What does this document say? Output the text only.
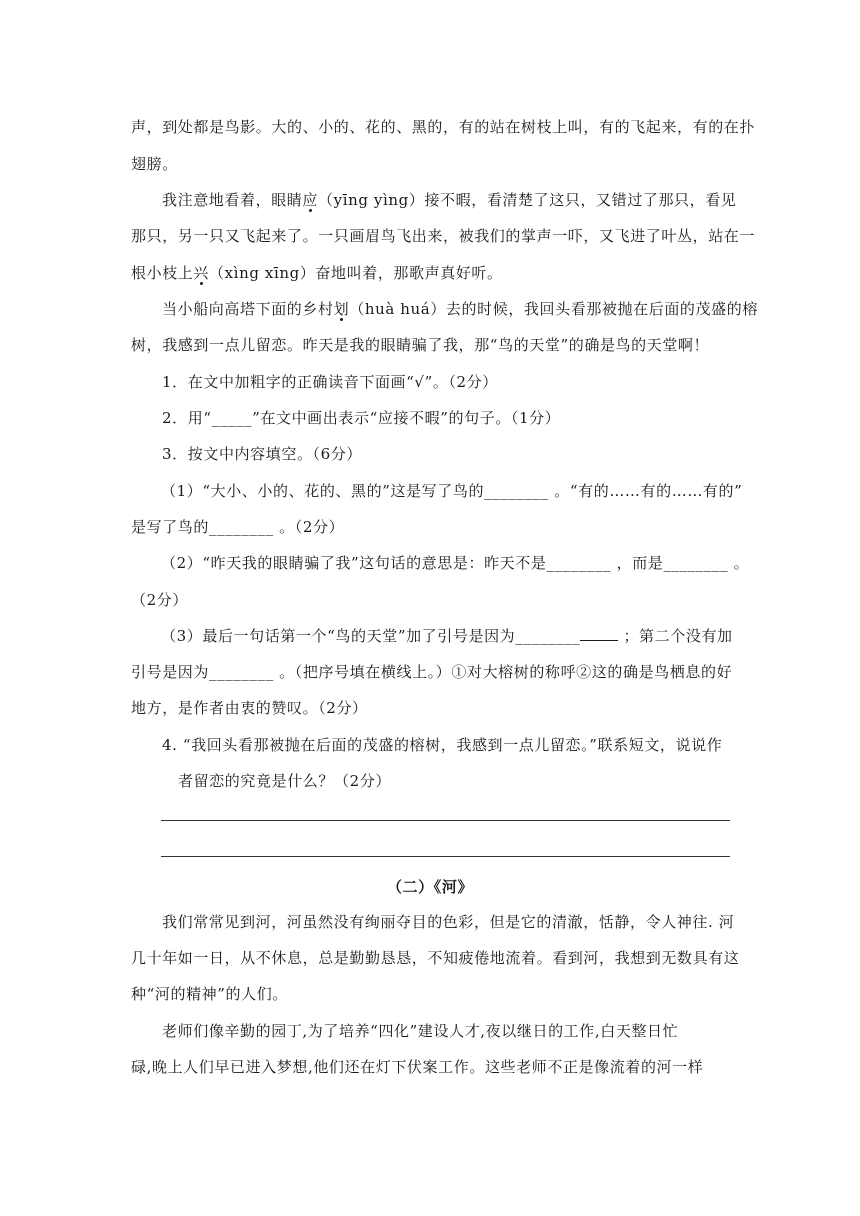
声，到处都是鸟影。大的、小的、花的、黑的，有的站在树枝上叫，有的飞起来，有的在扑
翅膀。
我注意地看着，眼睛应（yīng yìng）接不暇，看清楚了这只，又错过了那只，看见
那只，另一只又飞起来了。一只画眉鸟飞出来，被我们的掌声一吓，又飞进了叶丛，站在一
根小枝上兴（xìng xīng）奋地叫着，那歌声真好听。
当小船向高塔下面的乡村划（huà huá）去的时候，我回头看那被抛在后面的茂盛的榕
树，我感到一点儿留恋。昨天是我的眼睛骗了我，那“鸟的天堂”的确是鸟的天堂啊！
1．在文中加粗字的正确读音下面画“√”。（2分）
2．用“_____”在文中画出表示“应接不暇”的句子。（1分）
3．按文中内容填空。（6分）
（1）“大小、小的、花的、黑的”这是写了鸟的________ 。“有的……有的……有的”
是写了鸟的________ 。（2分）
（2）“昨天我的眼睛骗了我”这句话的意思是：昨天不是________ ，而是________ 。
（2分）
（3）最后一句话第一个“鸟的天堂”加了引号是因为________	；第二个没有加
引号是因为________ 。（把序号填在横线上。）①对大榕树的称呼②这的确是鸟栖息的好
地方，是作者由衷的赞叹。（2分）
4. “我回头看那被抛在后面的茂盛的榕树，我感到一点儿留恋。”联系短文，说说作
者留恋的究竟是什么？（2分）
（二）《河》
我们常常见到河，河虽然没有绚丽夺目的色彩，但是它的清澈，恬静，令人神往. 河
几十年如一日，从不休息，总是勤勤恳恳，不知疲倦地流着。看到河，我想到无数具有这
种“河的精神”的人们。
老师们像辛勤的园丁,为了培养“四化”建设人才,夜以继日的工作,白天整日忙
碌,晚上人们早已进入梦想,他们还在灯下伏案工作。这些老师不正是像流着的河一样
